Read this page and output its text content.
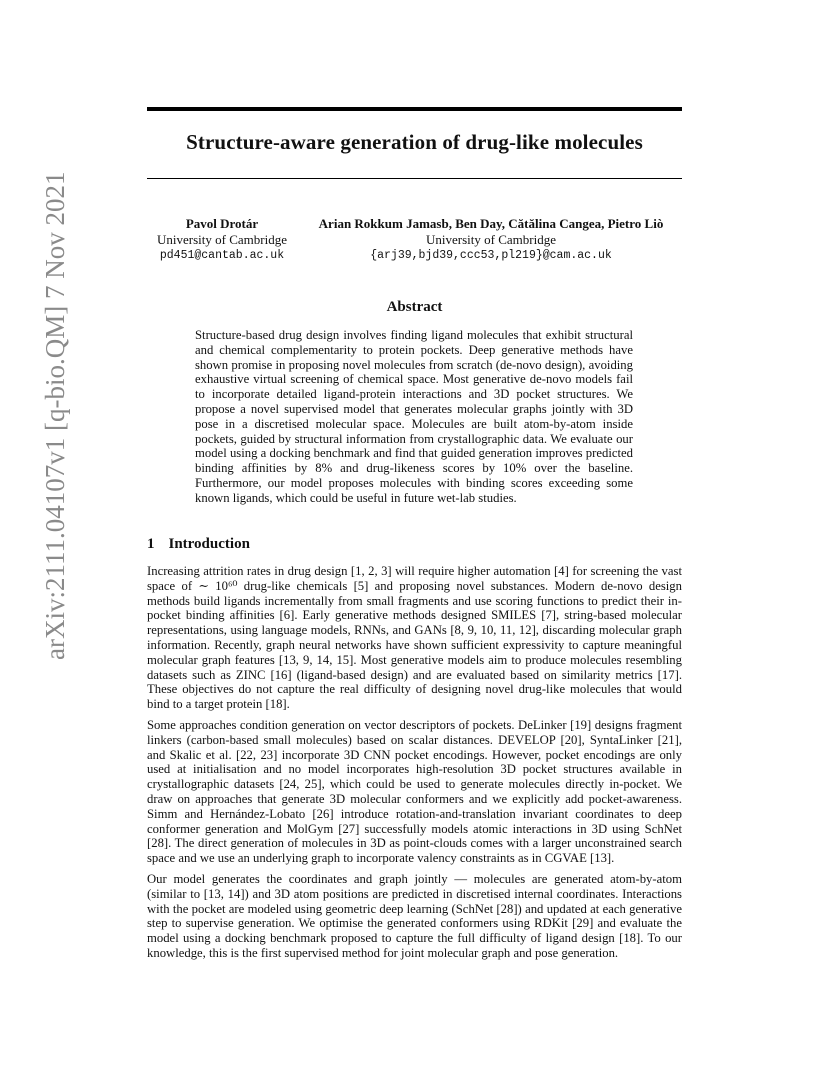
Structure-aware generation of drug-like molecules
arXiv:2111.04107v1 [q-bio.QM] 7 Nov 2021	Pavol Drotár
University of Cambridge
pd451@cantab.ac.uk
Arian Rokkum Jamasb, Ben Day, Cătălina Cangea, Pietro Liò
University of Cambridge
{arj39,bjd39,ccc53,pl219}@cam.ac.uk
Abstract

Structure-based drug design involves finding ligand molecules that exhibit structural and chemical complementarity to protein pockets. Deep generative methods have shown promise in proposing novel molecules from scratch (de-novo design), avoiding exhaustive virtual screening of chemical space. Most generative de-novo models fail to incorporate detailed ligand-protein interactions and 3D pocket structures. We propose a novel supervised model that generates molecular graphs jointly with 3D pose in a discretised molecular space. Molecules are built atom-by-atom inside pockets, guided by structural information from crystallographic data. We evaluate our model using a docking benchmark and find that guided generation improves predicted binding affinities by 8% and drug-likeness scores by 10% over the baseline. Furthermore, our model proposes molecules with binding scores exceeding some known ligands, which could be useful in future wet-lab studies.

1 Introduction

Increasing attrition rates in drug design [1, 2, 3] will require higher automation [4] for screening the vast space of ∼ 10⁶⁰ drug-like chemicals [5] and proposing novel substances. Modern de-novo design methods build ligands incrementally from small fragments and use scoring functions to predict their in-pocket binding affinities [6]. Early generative methods designed SMILES [7], string-based molecular representations, using language models, RNNs, and GANs [8, 9, 10, 11, 12], discarding molecular graph information. Recently, graph neural networks have shown sufficient expressivity to capture meaningful molecular graph features [13, 9, 14, 15]. Most generative models aim to produce molecules resembling datasets such as ZINC [16] (ligand-based design) and are evaluated based on similarity metrics [17]. These objectives do not capture the real difficulty of designing novel drug-like molecules that would bind to a target protein [18].

Some approaches condition generation on vector descriptors of pockets. DeLinker [19] designs fragment linkers (carbon-based small molecules) based on scalar distances. DEVELOP [20], SyntaLinker [21], and Skalic et al. [22, 23] incorporate 3D CNN pocket encodings. However, pocket encodings are only used at initialisation and no model incorporates high-resolution 3D pocket structures available in crystallographic datasets [24, 25], which could be used to generate molecules directly in-pocket. We draw on approaches that generate 3D molecular conformers and we explicitly add pocket-awareness. Simm and Hernández-Lobato [26] introduce rotation-and-translation invariant coordinates to deep conformer generation and MolGym [27] successfully models atomic interactions in 3D using SchNet [28]. The direct generation of molecules in 3D as point-clouds comes with a larger unconstrained search space and we use an underlying graph to incorporate valency constraints as in CGVAE [13].

Our model generates the coordinates and graph jointly — molecules are generated atom-by-atom (similar to [13, 14]) and 3D atom positions are predicted in discretised internal coordinates. Interactions with the pocket are modeled using geometric deep learning (SchNet [28]) and updated at each generative step to supervise generation. We optimise the generated conformers using RDKit [29] and evaluate the model using a docking benchmark proposed to capture the full difficulty of ligand design [18]. To our knowledge, this is the first supervised method for joint molecular graph and pose generation.
